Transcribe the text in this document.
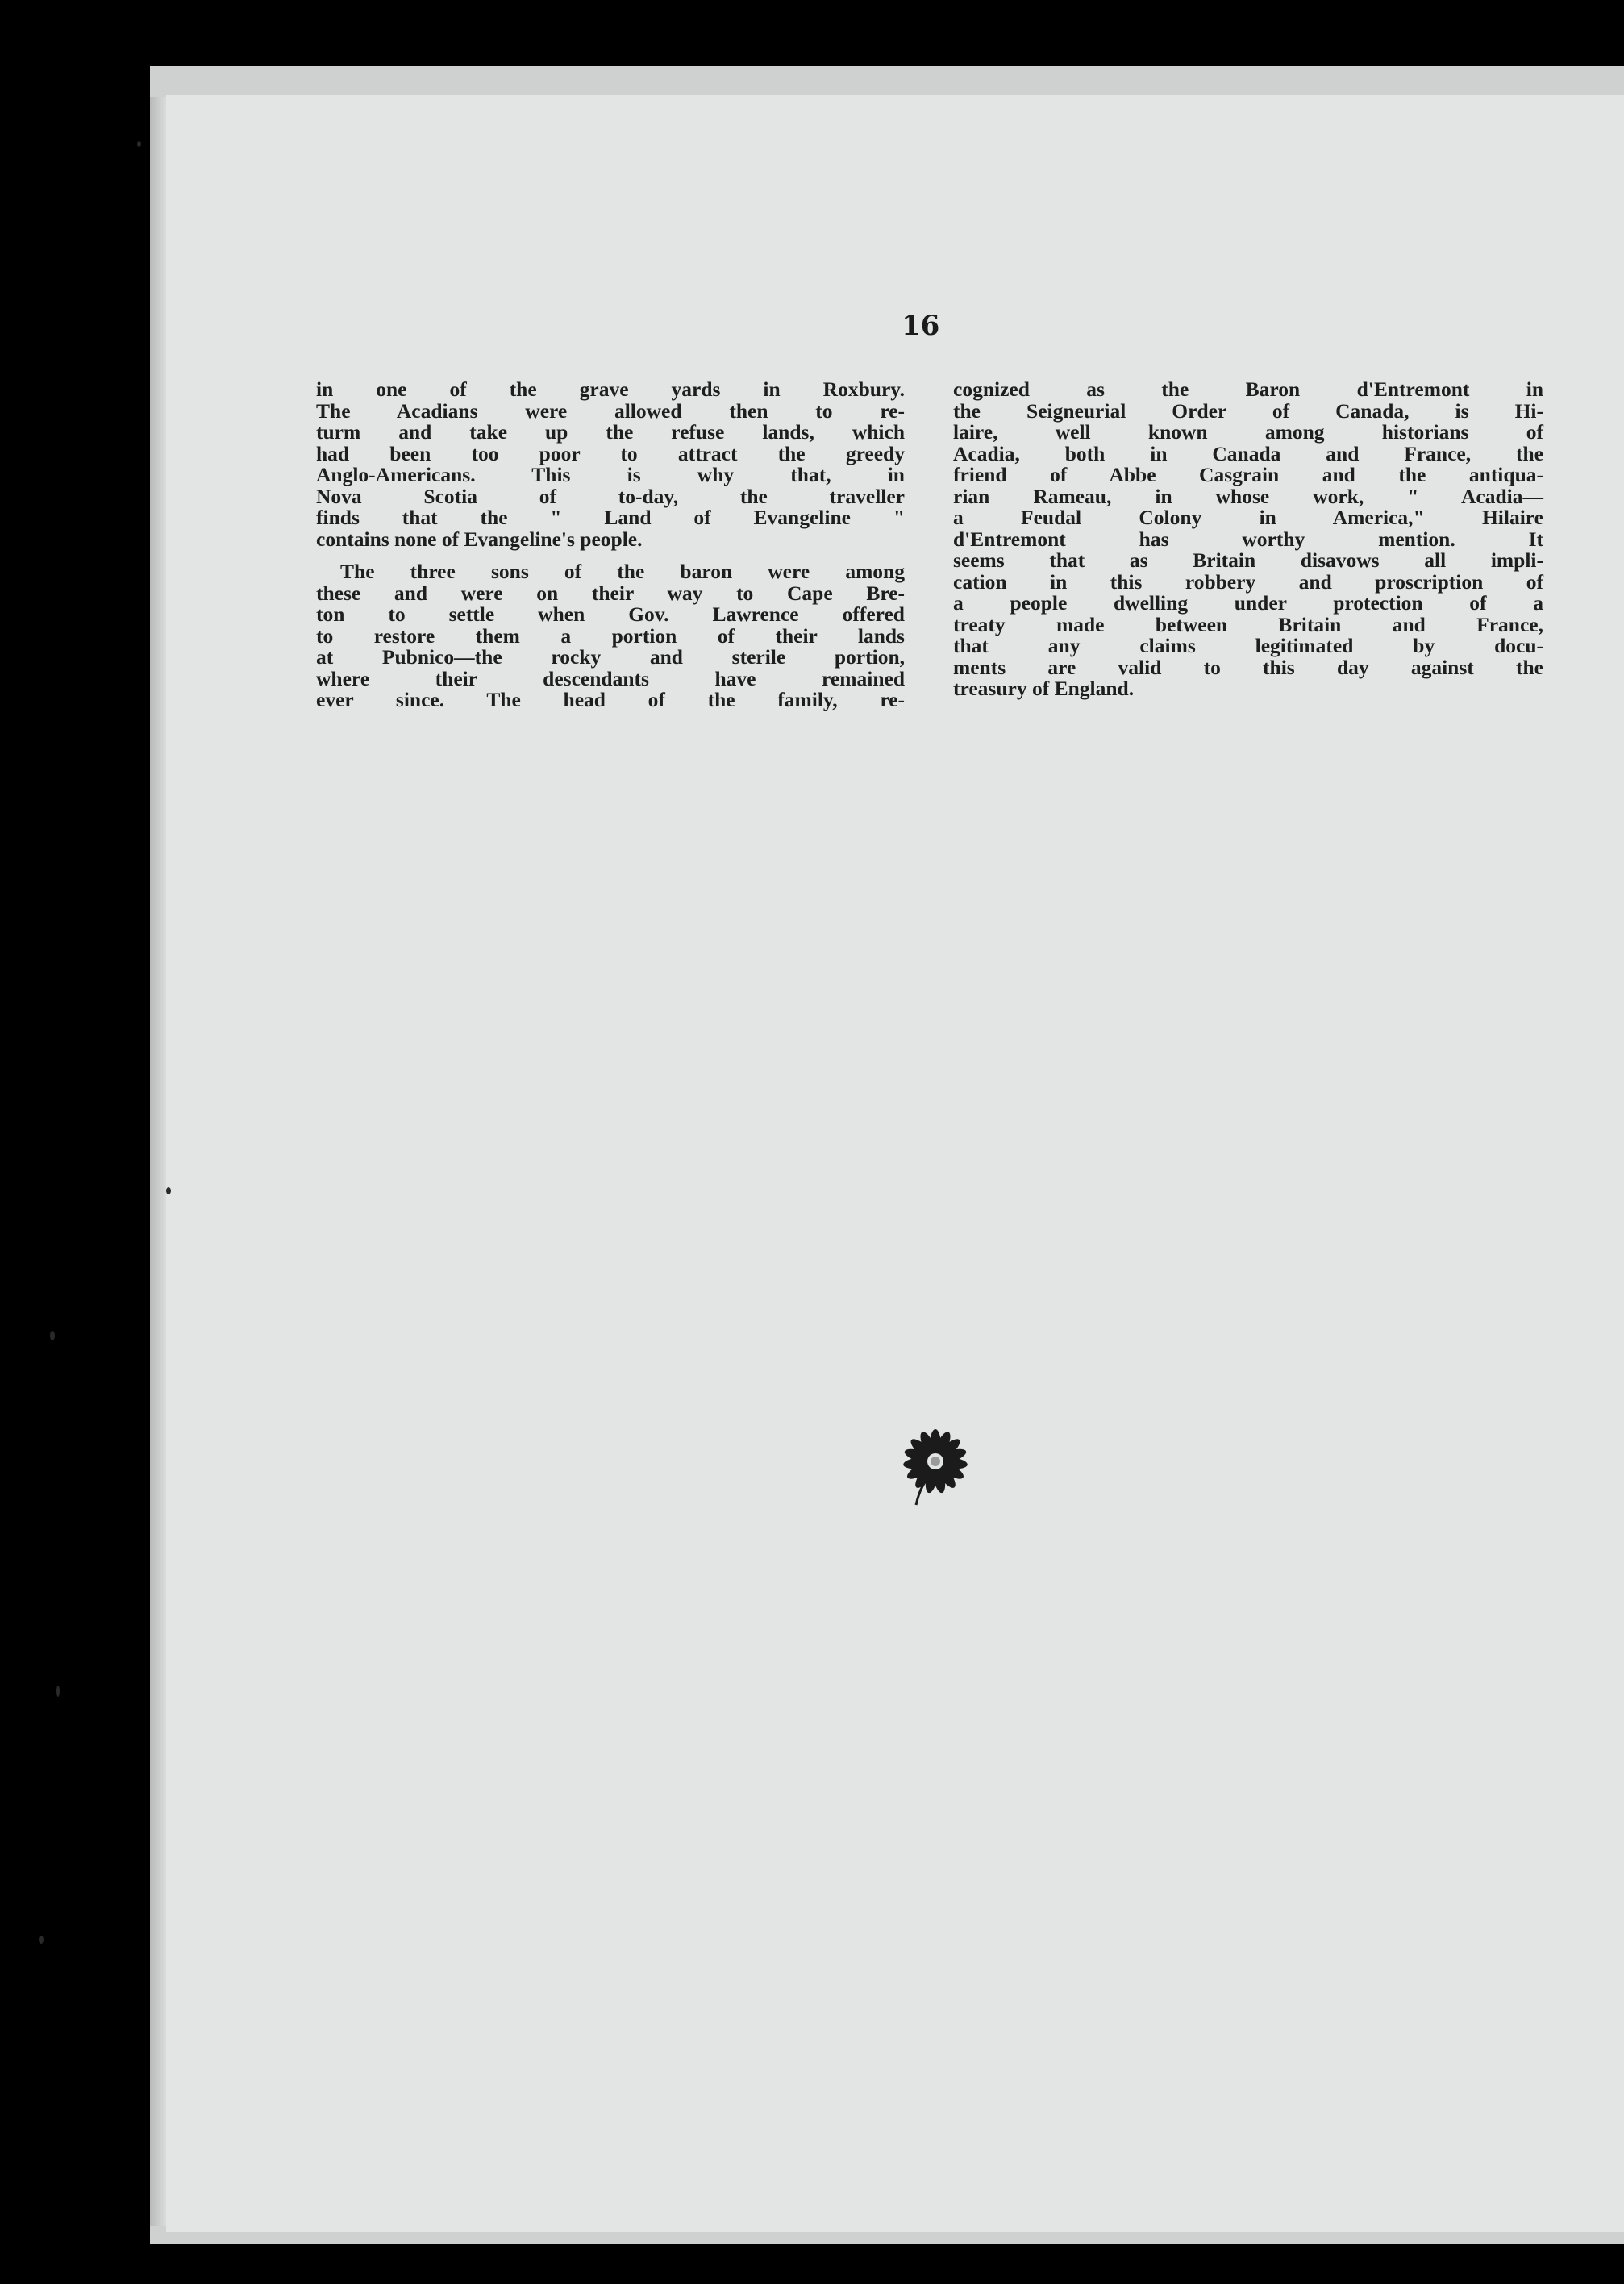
16

in one of the grave yards in Roxbury.
The Acadians were allowed then to re-
turm and take up the refuse lands, which
had been too poor to attract the greedy
Anglo-Americans. This is why that, in
Nova Scotia of to-day, the traveller
finds that the " Land of Evangeline "
contains none of Evangeline's people.

The three sons of the baron were among
these and were on their way to Cape Bre-
ton to settle when Gov. Lawrence offered
to restore them a portion of their lands
at Pubnico—the rocky and sterile portion,
where their descendants have remained
ever since. The head of the family, re-

cognized as the Baron d'Entremont in
the Seigneurial Order of Canada, is Hi-
laire, well known among historians of
Acadia, both in Canada and France, the
friend of Abbe Casgrain and the antiqua-
rian Rameau, in whose work, " Acadia—
a Feudal Colony in America," Hilaire
d'Entremont has worthy mention. It
seems that as Britain disavows all impli-
cation in this robbery and proscription of
a people dwelling under protection of a
treaty made between Britain and France,
that any claims legitimated by docu-
ments are valid to this day against the
treasury of England.
